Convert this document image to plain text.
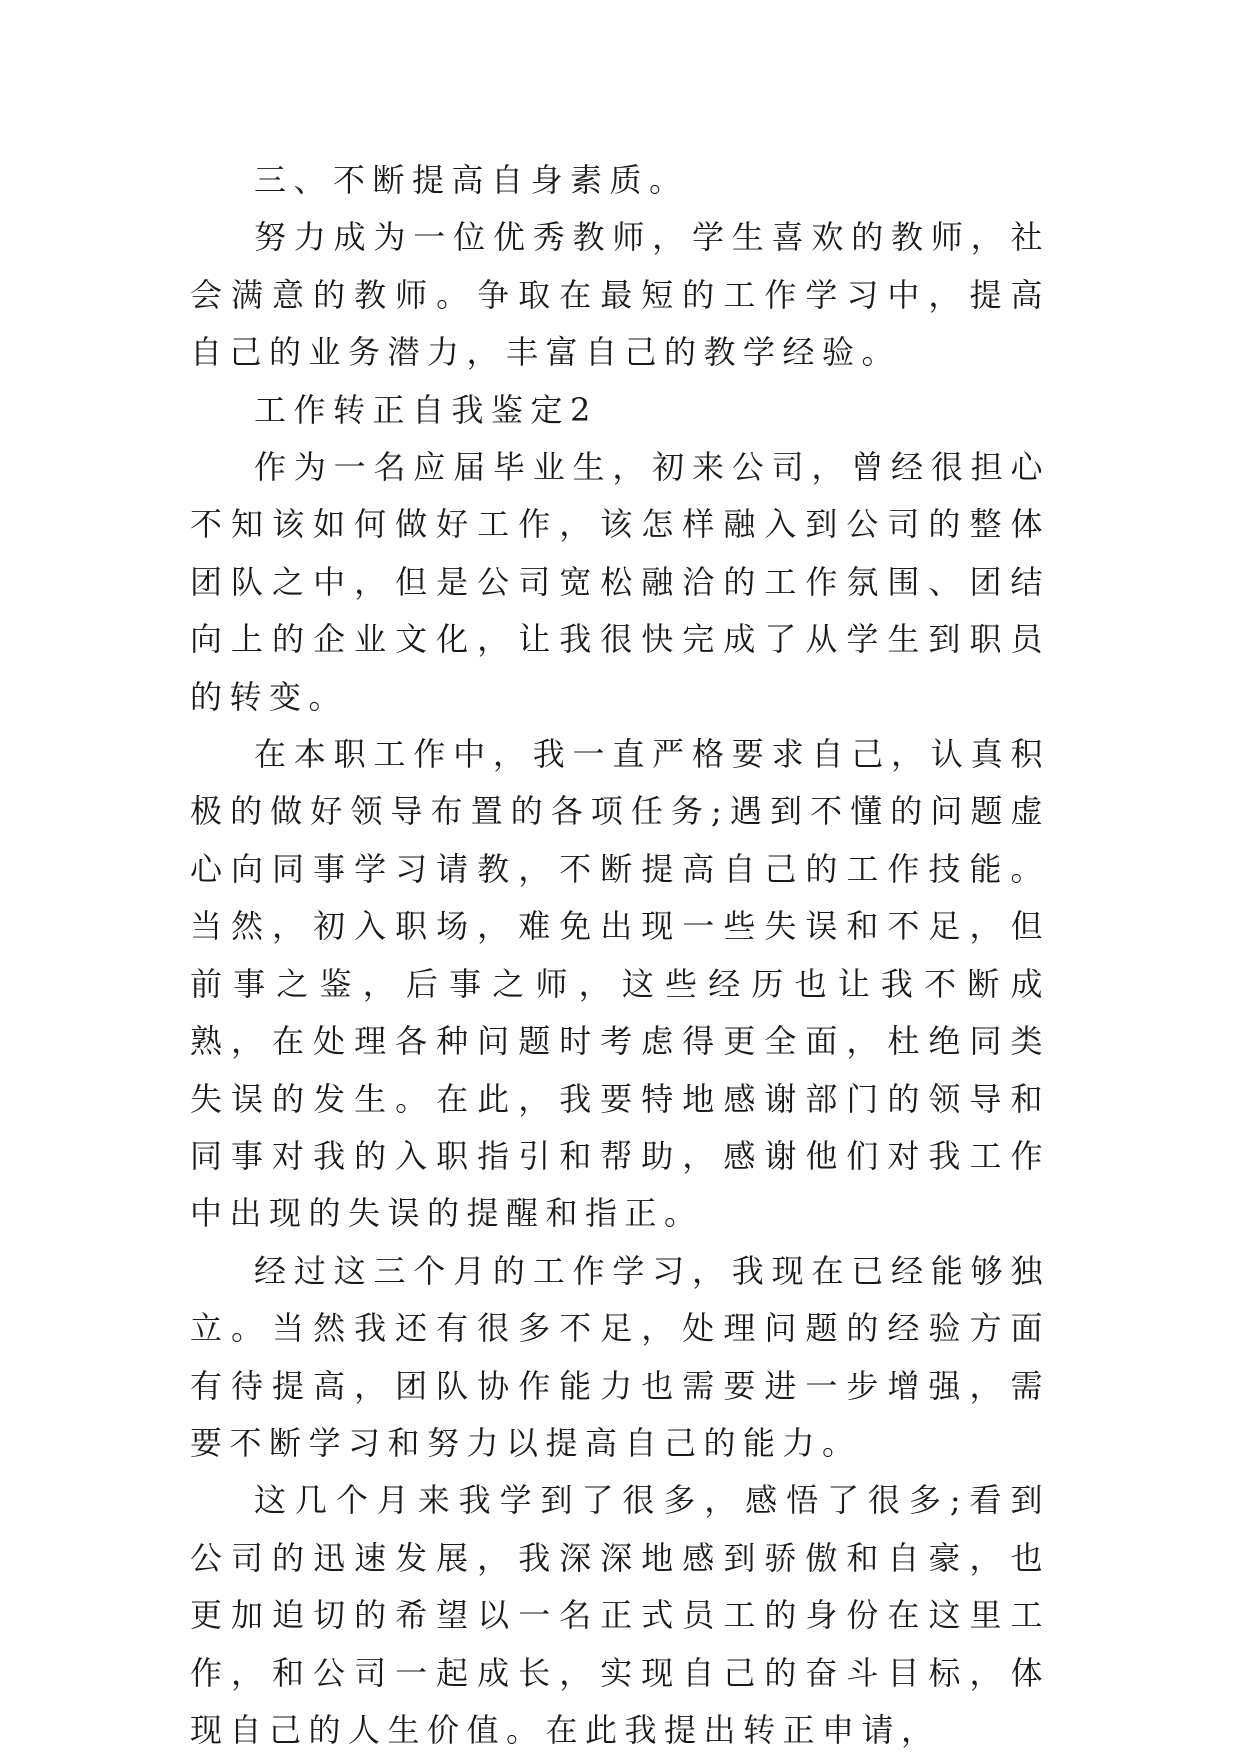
三、不断提高自身素质。

努力成为一位优秀教师，学生喜欢的教师，社会满意的教师。争取在最短的工作学习中，提高自己的业务潜力，丰富自己的教学经验。

工作转正自我鉴定2

作为一名应届毕业生，初来公司，曾经很担心不知该如何做好工作，该怎样融入到公司的整体团队之中，但是公司宽松融洽的工作氛围、团结向上的企业文化，让我很快完成了从学生到职员的转变。

在本职工作中，我一直严格要求自己，认真积极的做好领导布置的各项任务;遇到不懂的问题虚心向同事学习请教，不断提高自己的工作技能。当然，初入职场，难免出现一些失误和不足，但前事之鉴，后事之师，这些经历也让我不断成熟，在处理各种问题时考虑得更全面，杜绝同类失误的发生。在此，我要特地感谢部门的领导和同事对我的入职指引和帮助，感谢他们对我工作中出现的失误的提醒和指正。

经过这三个月的工作学习，我现在已经能够独立。当然我还有很多不足，处理问题的经验方面有待提高，团队协作能力也需要进一步增强，需要不断学习和努力以提高自己的能力。

这几个月来我学到了很多，感悟了很多;看到公司的迅速发展，我深深地感到骄傲和自豪，也更加迫切的希望以一名正式员工的身份在这里工作，和公司一起成长，实现自己的奋斗目标，体现自己的人生价值。在此我提出转正申请，
